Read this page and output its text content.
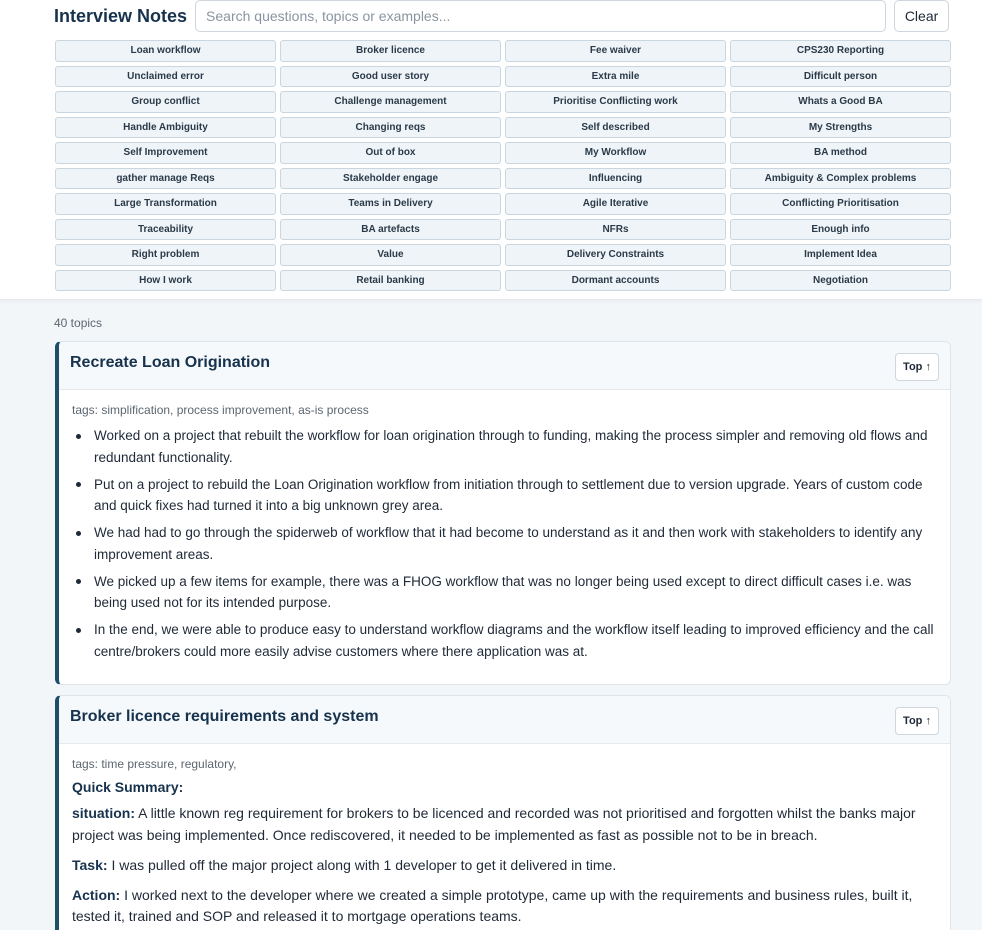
Interview Notes
Search questions, topics or examples...	Clear
Loan workflow	Broker licence	Fee waiver	CPS230 Reporting
Unclaimed error	Good user story	Extra mile	Difficult person
Group conflict	Challenge management	Prioritise Conflicting work	Whats a Good BA
Handle Ambiguity	Changing reqs	Self described	My Strengths
Self Improvement	Out of box	My Workflow	BA method
gather manage Reqs	Stakeholder engage	Influencing	Ambiguity & Complex problems
Large Transformation	Teams in Delivery	Agile Iterative	Conflicting Prioritisation
Traceability	BA artefacts	NFRs	Enough info
Right problem	Value	Delivery Constraints	Implement Idea
How I work	Retail banking	Dormant accounts	Negotiation
40 topics
Recreate Loan Origination	Top ↑
tags: simplification, process improvement, as-is process
Worked on a project that rebuilt the workflow for loan origination through to funding, making the process simpler and removing old flows and redundant functionality.
Put on a project to rebuild the Loan Origination workflow from initiation through to settlement due to version upgrade. Years of custom code and quick fixes had turned it into a big unknown grey area.
We had had to go through the spiderweb of workflow that it had become to understand as it and then work with stakeholders to identify any improvement areas.
We picked up a few items for example, there was a FHOG workflow that was no longer being used except to direct difficult cases i.e. was being used not for its intended purpose.
In the end, we were able to produce easy to understand workflow diagrams and the workflow itself leading to improved efficiency and the call centre/brokers could more easily advise customers where there application was at.
Broker licence requirements and system	Top ↑
tags: time pressure, regulatory,
Quick Summary:

situation: A little known reg requirement for brokers to be licenced and recorded was not prioritised and forgotten whilst the banks major project was being implemented. Once rediscovered, it needed to be implemented as fast as possible not to be in breach.

Task: I was pulled off the major project along with 1 developer to get it delivered in time.

Action: I worked next to the developer where we created a simple prototype, came up with the requirements and business rules, built it, tested it, trained and SOP and released it to mortgage operations teams.
